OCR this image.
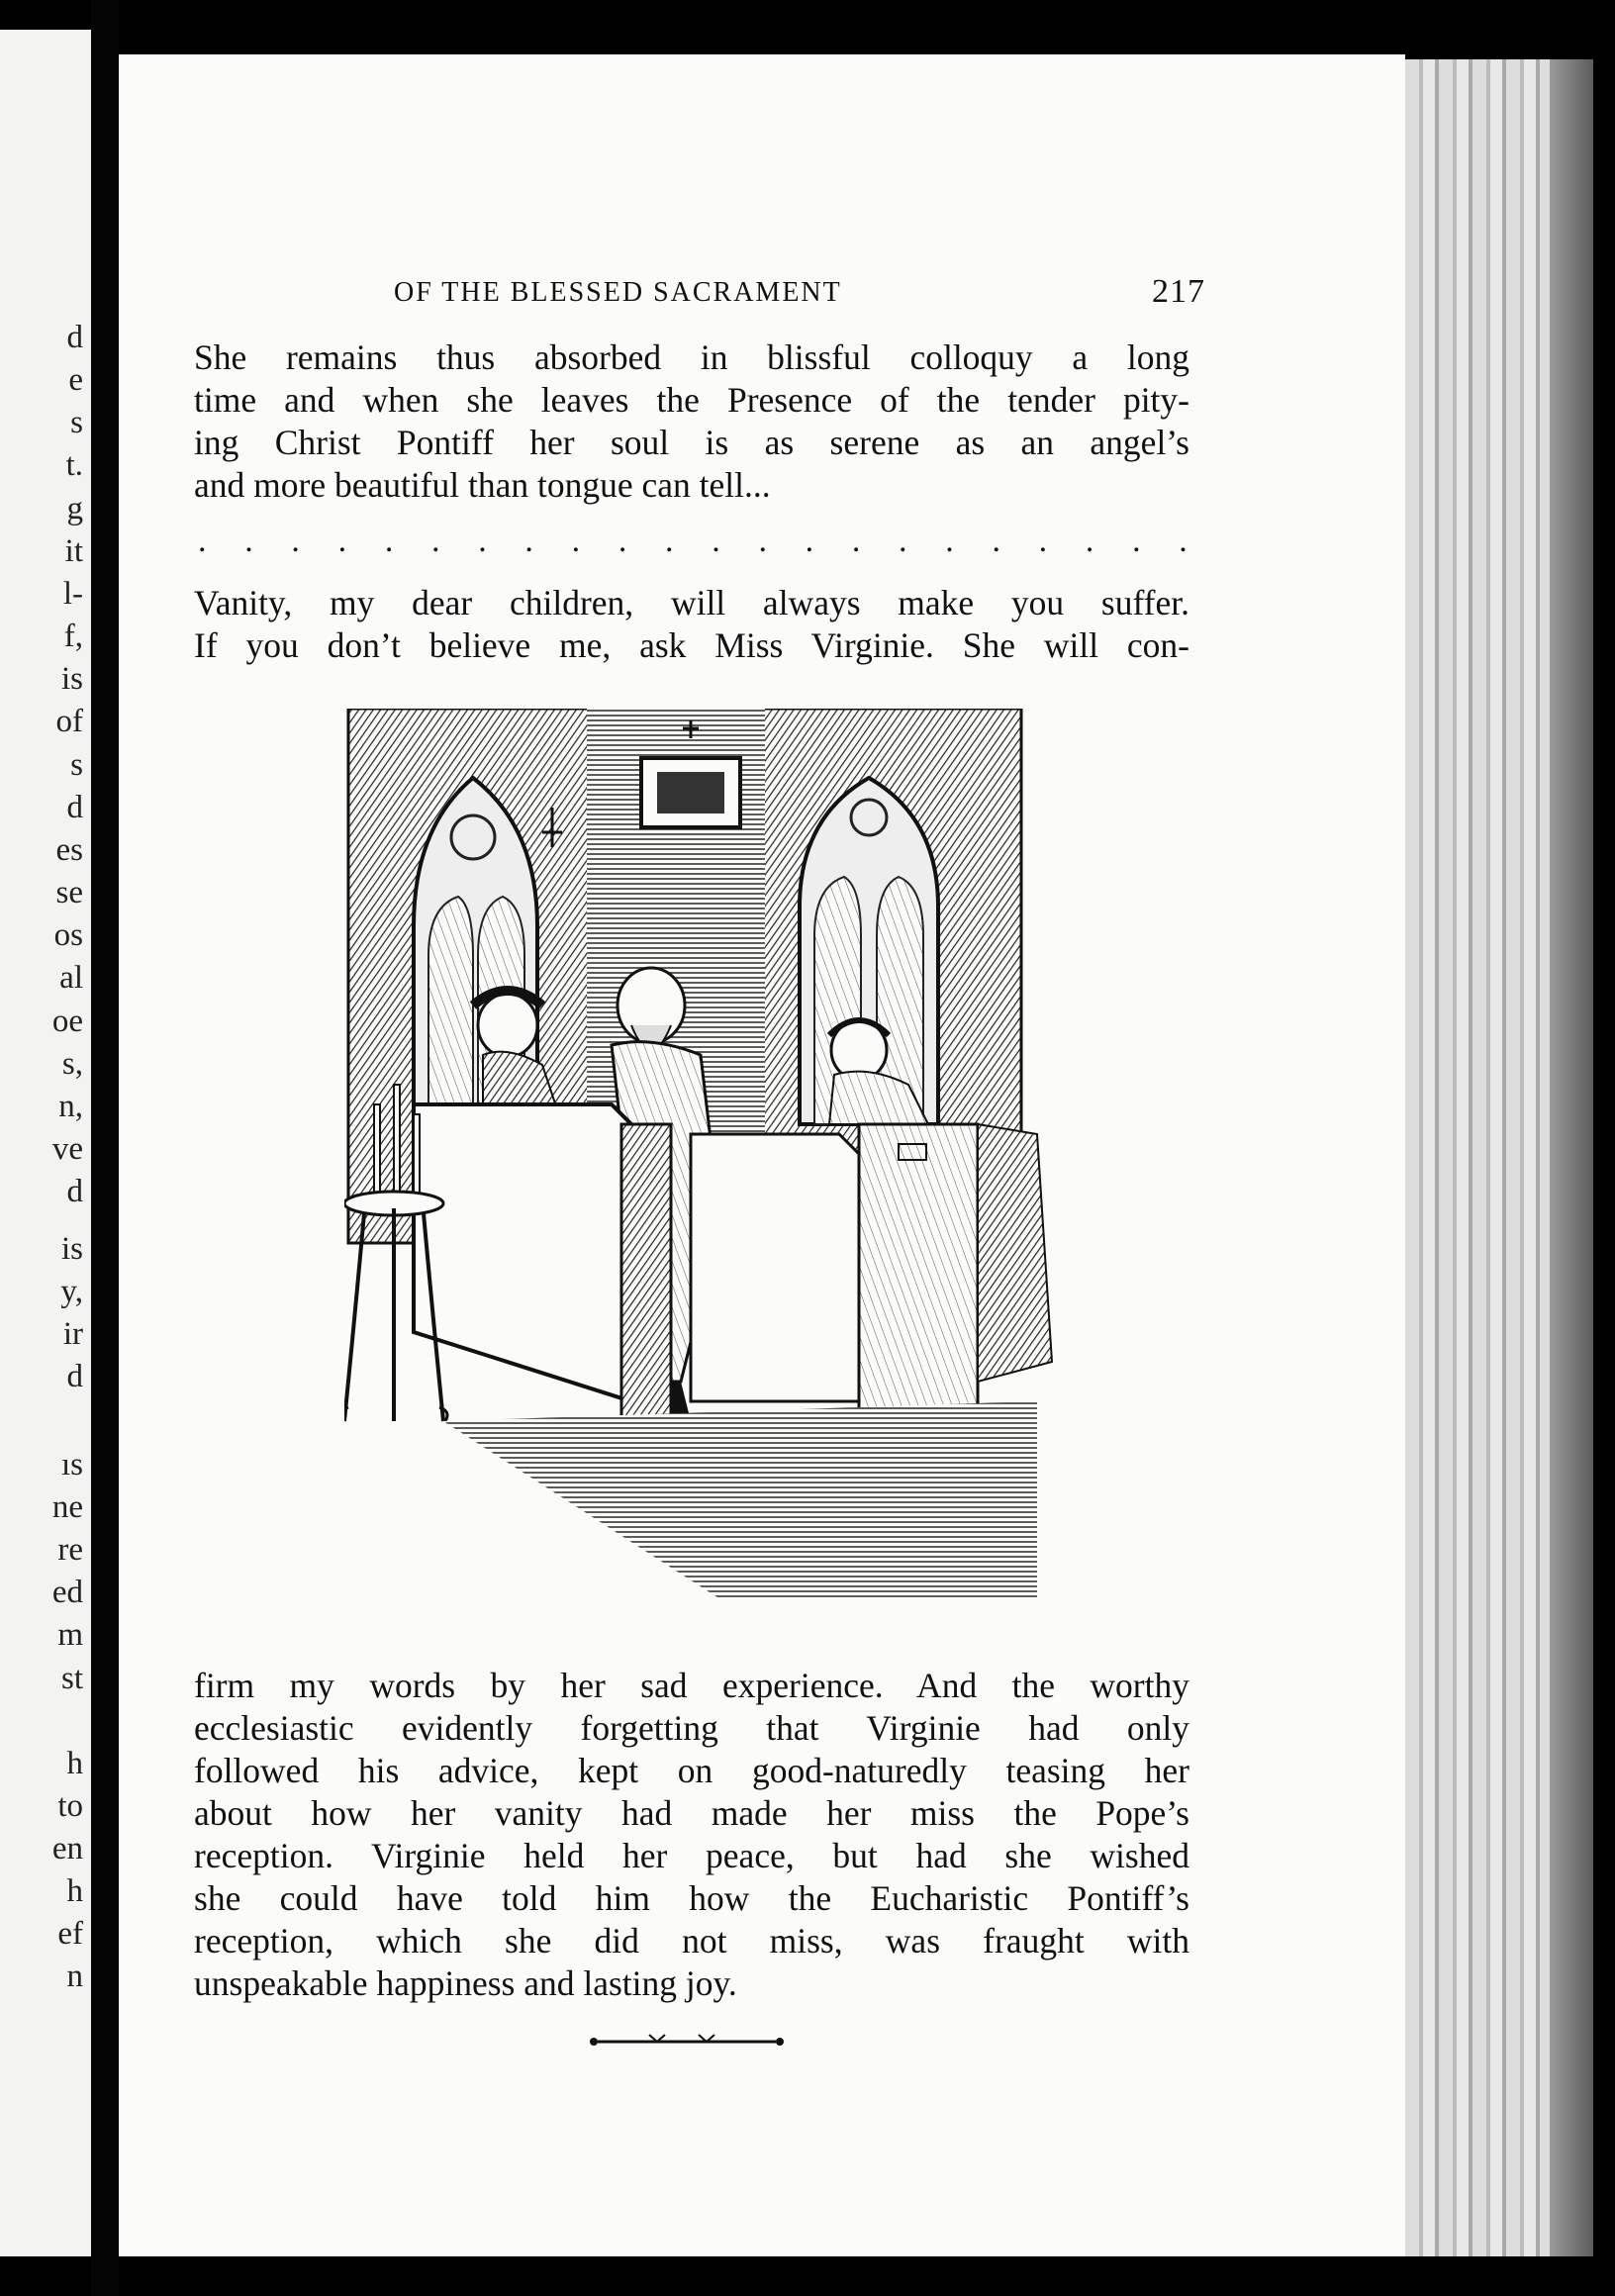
d
e
s
t.
g
it
l-
f,
is
of
s
d
es
se
os
al
oe
s,
n,
ve
d
is
y,
ir
d
ıs
ne
re
ed
m
st
h
to
en
h
ef
n
OF THE BLESSED SACRAMENT	217
She remains thus absorbed in blissful colloquy a long
time and when she leaves the Presence of the tender pity-
ing Christ Pontiff her soul is as serene as an angel’s
and more beautiful than tongue can tell...
. . . . . . . . . . . . . . . . . . . . . .
Vanity, my dear children, will always make you suffer.
If you don’t believe me, ask Miss Virginie. She will con-
firm my words by her sad experience. And the worthy
ecclesiastic evidently forgetting that Virginie had only
followed his advice, kept on good-naturedly teasing her
about how her vanity had made her miss the Pope’s
reception. Virginie held her peace, but had she wished
she could have told him how the Eucharistic Pontiff’s
reception, which she did not miss, was fraught with
unspeakable happiness and lasting joy.
